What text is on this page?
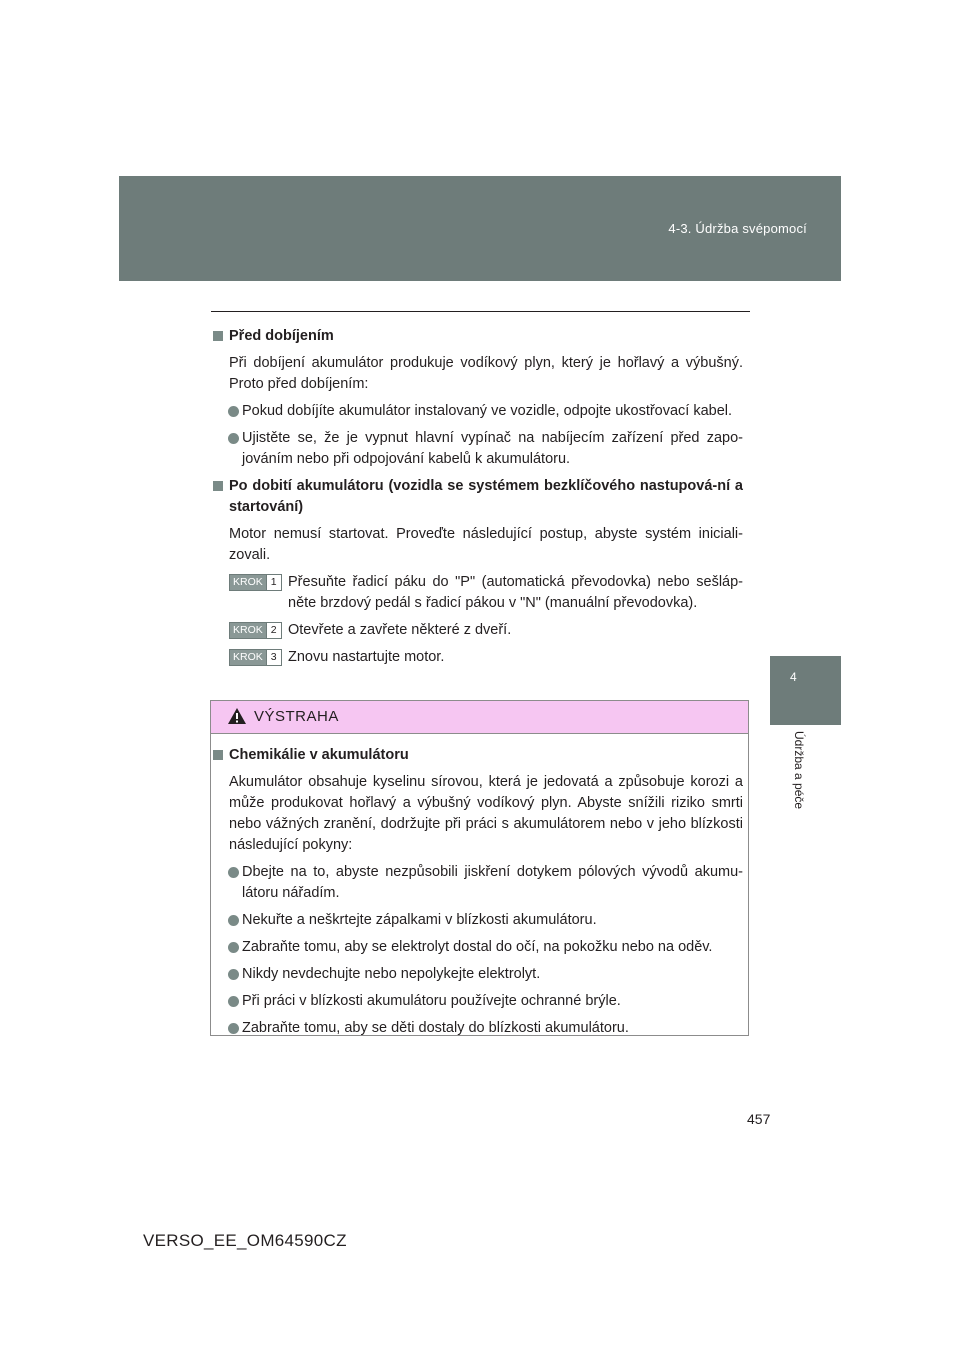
4-3. Údržba svépomocí
4
Údržba a péče

Před dobíjením

Při dobíjení akumulátor produkuje vodíkový plyn, který je hořlavý a výbušný. Proto před dobíjením:

Pokud dobíjíte akumulátor instalovaný ve vozidle, odpojte ukostřovací kabel.

Ujistěte se, že je vypnut hlavní vypínač na nabíjecím zařízení před zapo-jováním nebo při odpojování kabelů k akumulátoru.

Po dobití akumulátoru (vozidla se systémem bezklíčového nastupová-ní a startování)

Motor nemusí startovat. Proveďte následující postup, abyste systém iniciali-zovali.

KROK 1 Přesuňte řadicí páku do "P" (automatická převodovka) nebo sešláp-něte brzdový pedál s řadicí pákou v "N" (manuální převodovka).

KROK 2 Otevřete a zavřete některé z dveří.

KROK 3 Znovu nastartujte motor.

VÝSTRAHA

Chemikálie v akumulátoru

Akumulátor obsahuje kyselinu sírovou, která je jedovatá a způsobuje korozi a může produkovat hořlavý a výbušný vodíkový plyn. Abyste snížili riziko smrti nebo vážných zranění, dodržujte při práci s akumulátorem nebo v jeho blízkosti následující pokyny:

Dbejte na to, abyste nezpůsobili jiskření dotykem pólových vývodů akumu-látoru nářadím.

Nekuřte a neškrtejte zápalkami v blízkosti akumulátoru.

Zabraňte tomu, aby se elektrolyt dostal do očí, na pokožku nebo na oděv.

Nikdy nevdechujte nebo nepolykejte elektrolyt.

Při práci v blízkosti akumulátoru používejte ochranné brýle.

Zabraňte tomu, aby se děti dostaly do blízkosti akumulátoru.

457
VERSO_EE_OM64590CZ
